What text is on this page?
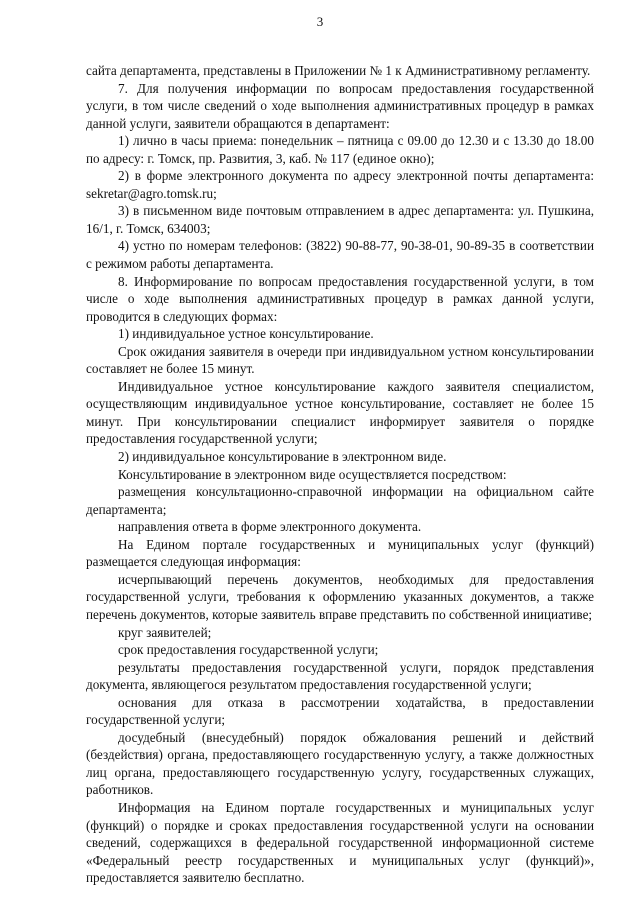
3

сайта департамента, представлены в Приложении № 1 к Административному регламенту.

7. Для получения информации по вопросам предоставления государственной услуги, в том числе сведений о ходе выполнения административных процедур в рамках данной услуги, заявители обращаются в департамент:

1) лично в часы приема: понедельник – пятница с 09.00 до 12.30 и с 13.30 до 18.00 по адресу: г. Томск, пр. Развития, 3, каб. № 117 (единое окно);

2) в форме электронного документа по адресу электронной почты департамента: sekretar@agro.tomsk.ru;

3) в письменном виде почтовым отправлением в адрес департамента: ул. Пушкина, 16/1, г. Томск, 634003;

4) устно по номерам телефонов: (3822) 90-88-77, 90-38-01, 90-89-35 в соответствии с режимом работы департамента.

8. Информирование по вопросам предоставления государственной услуги, в том числе о ходе выполнения административных процедур в рамках данной услуги, проводится в следующих формах:

1) индивидуальное устное консультирование.

Срок ожидания заявителя в очереди при индивидуальном устном консультировании составляет не более 15 минут.

Индивидуальное устное консультирование каждого заявителя специалистом, осуществляющим индивидуальное устное консультирование, составляет не более 15 минут. При консультировании специалист информирует заявителя о порядке предоставления государственной услуги;

2) индивидуальное консультирование в электронном виде.

Консультирование в электронном виде осуществляется посредством:

размещения консультационно-справочной информации на официальном сайте департамента;

направления ответа в форме электронного документа.

На Едином портале государственных и муниципальных услуг (функций) размещается следующая информация:

исчерпывающий перечень документов, необходимых для предоставления государственной услуги, требования к оформлению указанных документов, а также перечень документов, которые заявитель вправе представить по собственной инициативе;

круг заявителей;

срок предоставления государственной услуги;

результаты предоставления государственной услуги, порядок представления документа, являющегося результатом предоставления государственной услуги;

основания для отказа в рассмотрении ходатайства, в предоставлении государственной услуги;

досудебный (внесудебный) порядок обжалования решений и действий (бездействия) органа, предоставляющего государственную услугу, а также должностных лиц органа, предоставляющего государственную услугу, государственных служащих, работников.

Информация на Едином портале государственных и муниципальных услуг (функций) о порядке и сроках предоставления государственной услуги на основании сведений, содержащихся в федеральной государственной информационной системе «Федеральный реестр государственных и муниципальных услуг (функций)», предоставляется заявителю бесплатно.
